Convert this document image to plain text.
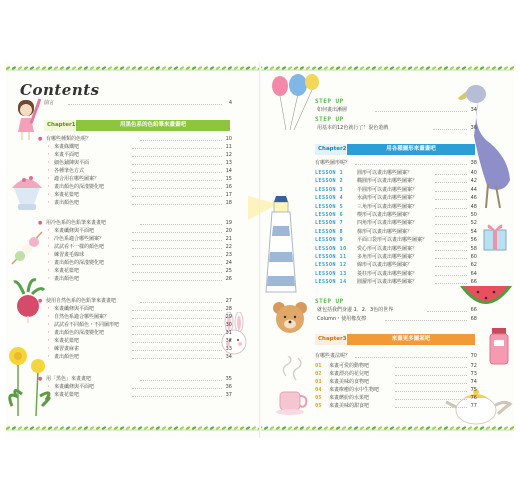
Contents
前言	4
Chapter1	用黑色系的色鉛筆來畫畫吧
● 有哪些種類的色呢？	10
・ 來畫綠鐵吧	11
・ 來畫平面吧	12
・ 細色鋪陳與平面	13
・ 各種筆色方式	14
・ 適合用在哪些圖案？	15
・ 畫出顏色的深淺變化吧	16
・ 來畫花籃吧	17
・ 畫出顏色吧	18
● 用冷色系的色鉛筆來畫畫吧	19
・ 來畫纖條與平面吧	20
・ 冷色系適合哪些圖案？	21
・ 試試看不一樣的顏色吧	22
・ 練習畫毛線球	23
・ 畫出顏色的深淺變化吧	24
・ 來畫花籃吧	25
・ 畫出顏色吧	26
● 使用自然色系的色鉛筆來畫畫吧	27
・ 來畫纖條與平面吧	28
・ 自然色系適合哪些圖案？	29
・ 試試看不同顏色・不同圖形吧	30
・ 畫出顏色的深淺變化吧	31
・ 來畫花籃吧	32
・ 練習畫麻雀	33
・ 畫出顏色吧	34
● 用「黑色」來畫畫吧	35
・ 來畫纖條與平面吧	36
・ 來畫花籃吧	37
STEP UP
如何畫出漸層	34
STEP UP
用基本的12色就行了！混色遊戲	36
Chapter2	用各種圖形來畫畫吧
有哪些圖形呢？	38
LESSON 1	圓形可以畫出哪些圖案？	40
LESSON 2	橢圓形可以畫出哪些圖案？	42
LESSON 3	半圓形可以畫出哪些圖案？	44
LESSON 4	水滴形可以畫出哪些圖案？	46
LESSON 5	三角形可以畫出哪些圖案？	48
LESSON 6	楔形可以畫出哪些圖案？	50
LESSON 7	四角形可以畫出哪些圖案？	52
LESSON 8	梯形可以畫出哪些圖案？	54
LESSON 9	平面口袋形可以畫出哪些圖案？	56
LESSON 10 愛心形可以畫出哪些圖案？	58
LESSON 11 多角形可以畫出哪些圖案？	60
LESSON 12 線形可以畫出哪些圖案？	62
LESSON 13 菱柱形可以畫出哪些圖案？	64
LESSON 14 圓蘿形可以畫出哪些圖案？	66
STEP UP
就包括我們身邊 1．2．3色的世界	66
Column・使用橡皮擦	68
Chapter3	來畫更多圖案吧
有哪些畫法呢？	70
01 來畫可愛的動物吧	72
02 來畫漂亮的花兒吧	73
03 來畫美味的食物吧	74
04 來畫療癒的水中生物吧	75
05 來畫繽紛的水果吧	76
05 來畫美味的甜食吧	77
